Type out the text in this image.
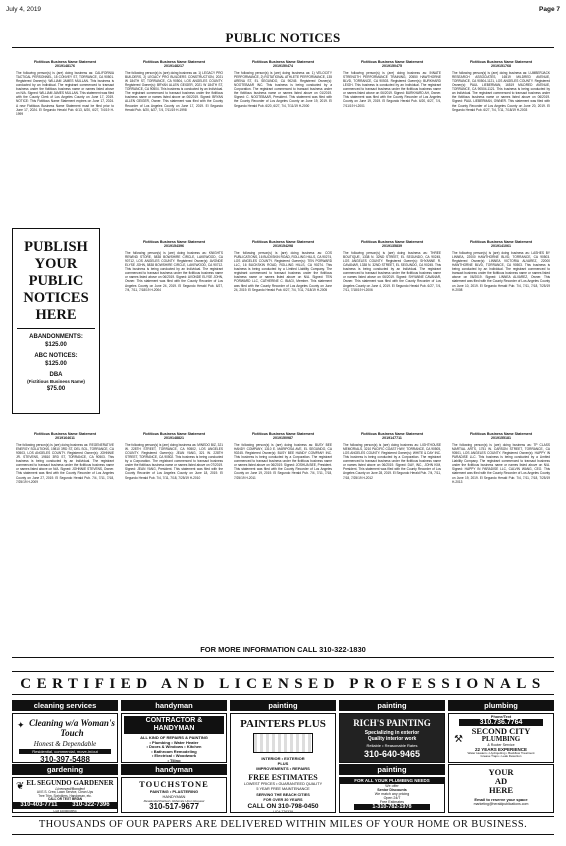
July 4, 2019	Page 7
PUBLIC NOTICES
Fictitious Business Name Statement
2019148176
The following person(s) is (are) doing business as: CALIFORNIA TACTICAL PERSONNEL, 15 CONVEY ST, TORRANCE, CA 90501. Registered Owner(s): WILLIAM JAMES MULLAN. This business is conducted by an Individual. The registrant commenced to transact business under the fictitious business name or names listed above on N/A. Signed: WILLIAM JAMES MULLAN. This statement was filed with the County Clerk of Los Angeles County on June 17, 2019. NOTICE: This Fictitious Name Statement expires on June 17, 2024. A new Fictitious Business Name Statement must be filed prior to June 17, 2024. El Segundo Herald Pub. 6/13, 6/20, 6/27, 7/4/19 H-1999
Fictitious Business Name Statement
2019148217
The following person(s) is (are) doing business as: 1) LEGACY PRO BUILDERS, 2) LEGACY PRO BUILDERS CONSTRUCTION, 2021 W 184TH ST, TORRANCE, CA 90504, LOS ANGELES COUNTY. Registered Owner(s): BRYAN ALLEN GEIGER, 2021 W 184TH ST, TORRANCE, CA 90504. This business is conducted by an Individual. The registrant commenced to transact business under the fictitious business name or names listed above on 06/2019. Signed: BRYAN ALLEN GEIGER, Owner. This statement was filed with the County Recorder of Los Angeles County on June 17, 2019. El Segundo Herald Pub. 6/20, 6/27, 7/4, 7/11/19 H-1998
Fictitious Business Name Statement
2019150474
The following person(s) is (are) doing business as: 1) VELOCITY PERFORMANCE, 2) ROTATIONAL ATHLETE PERFORMANCE, 135 ARENA ST, EL SEGUNDO, CA 90245. Registered Owner(s): NOOTEBAAR INC. This business is being conducted by a Corporation. The registrant commenced to transact business under the fictitious business name or names listed above on 01/2019. Signed: C. NOOTEBAAR, President. This statement was filed with the County Recorder of Los Angeles County on June 19, 2019. El Segundo Herald Pub. 6/20, 6/27, 7/4, 7/11/19 H-2000
Fictitious Business Name Statement
2019150475
The following person(s) is (are) doing business as: INNATE STRENGTH PERFORMANCE TRAINING, 20550 HAWTHORNE BLVD, TORRANCE, CA 90503. Registered Owner(s): BURKHARD LEIGH. This business is conducted by an Individual. The registrant commenced to transact business under the fictitious business name or names listed above on 06/2019. Signed: BURKHARD AH, Owner. This statement was filed with the County Recorder of Los Angeles County on June 19, 2019. El Segundo Herald Pub. 6/20, 6/27, 7/4, 7/11/19 H-2001
Fictitious Business Name Statement
2019151768
The following person(s) is (are) doing business as: LUMBERJACK RESEARCH ASSOCIATES, 16519 MILDRED AVENUE, TORRANCE, CA 90504-1121, LOS ANGELES COUNTY. Registered Owner(s): PAUL LIEBERMAN, 16519 MILDRED AVENUE, TORRANCE, CA 90504-1121. This business is being conducted by an Individual. The registrant commenced to transact business under the fictitious business name or names listed above on 06/2019. Signed: PAUL LIEBERMAN, OWNER. This statement was filed with the County Recorder of Los Angeles County on June 20, 2019. El Segundo Herald Pub. 6/27, 7/4, 7/11, 7/18/19 H-2003
Fictitious Business Name Statement
2019154396
The following person(s) is (are) doing business as: KNIGHTS REWIND STORE, 5838 BOWSHIRE CIRCLE, LAKEWOOD, CA 90712, LOS ANGELES COUNTY. Registered Owner(s): AVONDE ELYSE JOHN, 5838 BOWSHIRE CIRCLE, LAKEWOOD, CA 90712. This business is being conducted by an Individual. The registrant commenced to transact business under the fictitious business name or names listed above on 06/2019. Signed: AVONDE ELYSE JOHN, Owner. This statement was filed with the County Recorder of Los Angeles County on June 24, 2019. El Segundo Herald Pub. 6/27, 7/4, 7/11, 7/18/19 H-2004
Fictitious Business Name Statement
2019154298
The following person(s) is (are) doing business as: COS PUBLICATIONS, 16 BUCKSKIN ROAD, ROLLING HILLS, CA 90274, LOS ANGELES COUNTY. Registered Owner(s): TEN PORWARD LLC, 16 BUCKSKIN ROAD, ROLLING HILLS, CA 90274. This business is being conducted by a Limited Liability Company. The registrant commenced to transact business under the fictitious business name or names listed above on N/A. Signed: TEN PORWARD LLC, CATHERINE C. BIAGI, Member. This statement was filed with the County Recorder of Los Angeles County on June 24, 2019. El Segundo Herald Pub. 6/27, 7/4, 7/11, 7/18/19 H-2005
Fictitious Business Name Statement
2019135839
The following person(s) is (are) doing business as: THREE BOUTIQUE, 1338 N. 32ND STREET, EL SEGUNDO, CA 90245, LOS ANGELES COUNTY. Registered Owner(s): SHYANNE R. CAVANAR, 1338 N. 32ND STREET, EL SEGUNDO, CA 90245. This business is being conducted by an Individual. The registrant commenced to transact business under the fictitious business name or names listed above on 06/2019. Signed: SHYANNE CAVANAR, Owner. This statement was filed with the County Recorder of Los Angeles County on June 4, 2019. El Segundo Herald Pub. 6/27, 7/4, 7/11, 7/18/19 H-2006
Fictitious Business Name Statement
2019141061
The following person(s) is (are) doing business as: LASHES BY LINNEA, 22000 HAWTHORNE BLVD, TORRANCE, CA 90503. Registered Owner(s): LINNEA VICTORIA ALVAREZ, 22000 HAWTHORNE BLVD, TORRANCE, CA 90503. This business is being conducted by an Individual. The registrant commenced to transact business under the fictitious business name or names listed above on 06/2019. Signed: LINNEA ALVAREZ, Owner. This statement was filed with the County Recorder of Los Angeles County on June 10, 2019. El Segundo Herald Pub. 7/4, 7/11, 7/18, 7/25/19 H-2008
Fictitious Business Name Statement
2019164611
The following person(s) is (are) doing business as: REGENERATIVE ENERGY SOLUTIONS, 19810 3RD ST, DEL SOL, TORRANCE, CA 90503, LOS ANGELES COUNTY. Registered Owner(s): JOHNNIE JR. STEVENS, 19810 3RD ST, TORRANCE, CA 90503. This business is being conducted by an Individual. The registrant commenced to transact business under the fictitious business name or names listed above on N/A. Signed: JOHNNIE STEVENS, Owner. This statement was filed with the County Recorder of Los Angeles County on June 27, 2019. El Segundo Herald Pub. 7/4, 7/11, 7/18, 7/25/19 H-2009
Fictitious Business Name Statement
2019148821
The following person(s) is (are) doing business as: MINEDO BIZ, 321 W. 228TH STREET, TORRANCE, CA 90502, LOS ANGELES COUNTY. Registered Owner(s): JEAN YANG, 321 W. 228TH STREET, TORRANCE, CA 90502. This business is being conducted by a Corporation. The registrant commenced to transact business under the fictitious business name or names listed above on 07/2019. Signed: JEAN YANG, President. This statement was filed with the County Recorder of Los Angeles County on June 18, 2019. El Segundo Herald Pub. 7/4, 7/11, 7/18, 7/25/19 H-2010
Fictitious Business Name Statement
2019150987
The following person(s) is (are) doing business as: BUSY BEE HANDY COMPANY, 1310 E. MARIPOSA AVE, EL SEGUNDO, CA 90245. Registered Owner(s): BUSY BEE HANDY COMPANY INC. This business is being conducted by a Corporation. The registrant commenced to transact business under the fictitious business name or names listed above on 06/2019. Signed: JOSHUA BEE, President. This statement was filed with the County Recorder of Los Angeles County on June 19, 2019. El Segundo Herald Pub. 7/4, 7/11, 7/18, 7/25/19 H-2011
Fictitious Business Name Statement
2019147711
The following person(s) is (are) doing business as: LIGHTHOUSE MEMORIALS, 3210 PACIFIC COAST HWY, TORRANCE, CA 90505, LOS ANGELES COUNTY. Registered Owner(s): WHITE & DAY INC. This business is being conducted by a Corporation. The registrant commenced to transact business under the fictitious business name or names listed above on 06/2019. Signed: DAY, INC., JOHN KIM, President. This statement was filed with the County Recorder of Los Angeles County on June 28, 2019. El Segundo Herald Pub. 7/4, 7/11, 7/18, 7/25/19 H-2012
Fictitious Business Name Statement
2019155181
The following person(s) is (are) doing business as: TP CLASS MARTIAL ARTS, 1751 W. CARSON STREET, TORRANCE, CA 90501, LOS ANGELES COUNTY. Registered Owner(s): HAPPY IN PARADISE LLC. This business is being conducted by a Limited Liability Company. The registrant commenced to transact business under the fictitious business name or names listed above on N/A. Signed: HAPPY IN PARADISE LLC, CALVIN WANG, CEO. This statement was filed with the County Recorder of Los Angeles County on June 19, 2019. El Segundo Herald Pub. 7/4, 7/11, 7/18, 7/25/19 H-2013
PUBLISH
YOUR
PUBLIC
NOTICES
HERE
ABANDONMENTS:
$125.00
ABC NOTICES:
$125.00
DBA
(Fictitious Business Name)
$75.00
FOR MORE INFORMATION CALL 310-322-1830
CERTIFIED AND LICENSED PROFESSIONALS
cleaning services	handyman	painting	painting	plumbing
Cleaning w/a Woman's Touch
Honest & Dependable
Residential, commercial, move-in/out
310-397-5488
✦	CONTRACTOR & HANDYMAN
ALL KIND OF REPAIRS & PAINTING
• Plumbing • Water Heater
• Doors & Windows • Kitchen
• Bathroom Remodeling
• Electrical • Woodwork
• Tiling
PAINTERS PLUS
INTERIOR • EXTERIOR
PLUS
IMPROVEMENTS • REPAIRS
FREE ESTIMATES
LOWEST PRICES • GUARANTEED QUALITY
5 YEAR FREE MAINTENANCE
SERVING THE BEACH CITIES
FOR OVER 30 YEARS
CALL ON 310-798-0450
LIC# 776339
RICH'S PAINTING
Specializing in exterior
Quality interior work
Reliable • Reasonable Rates
310-640-9465
Phone/Text
310.736.7764
SECOND CITY
PLUMBING
& Rooter Service
22 YEARS EXPERIENCE
Water Heaters • Hydrojetting • Backflow Treatment
Grease Traps • Leak Detection
⚒
gardening	handyman	painting
❦ EL SEGUNDO GARDENER
Licensed/Bonded
All E.S. Crew, Lawn Service, Clean Ups
Tree Trim, Sprinklers, Handyman, etc.
CALL OR TEXT BRIAN
310-403-7711 310-322-7396
Lic# 1000004554
TOUCHSTONE
PAINTING • PLASTERING
HANDYMAN
Residential Painted • Referrals Upon Request
310-517-9677
29 Year Resident and Resided in the South Bay
FOR ALL YOUR PLUMBING NEEDS
We offer
Senior Discounts
We match any pricing
Open 24/7
Free Estimates
1-310-782-1978
YOUR
AD
HERE
Email to reserve your space
marketing@heraldpublications.com
THOUSANDS OF OUR PAPERS ARE DELIVERED WITHIN MILES OF YOUR HOME OR BUSINESS.
